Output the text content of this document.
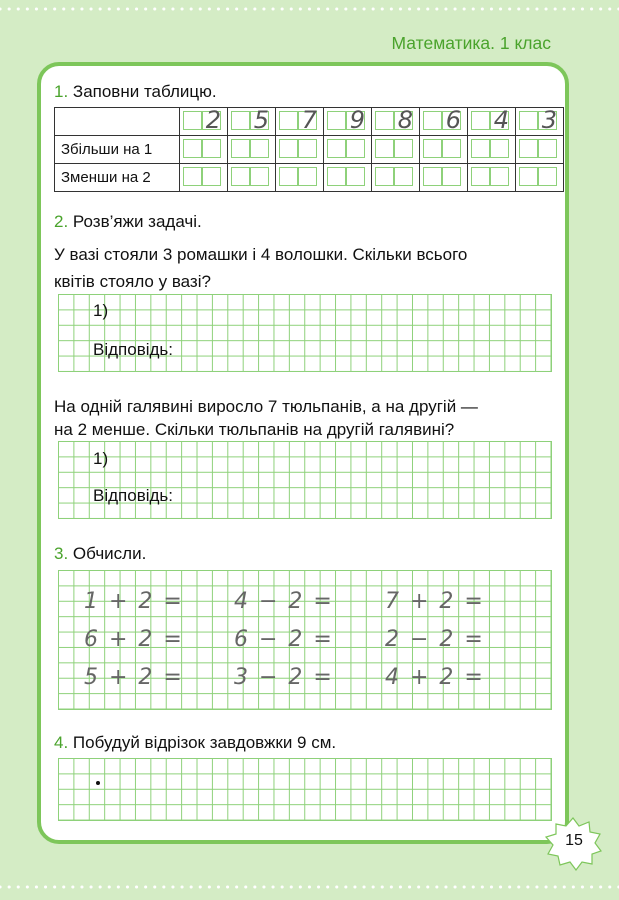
Математика. 1 клас
1. Заповни таблицю.

	2	5	7	9	8	6	4	3

Збільши на 1	

Зменши на 2	

2. Розв’яжи задачі.
У вазі стояли 3 ромашки і 4 волошки. Скільки всього
квітів стояло у вазі?
1)
Відповідь:
На одній галявині виросло 7 тюльпанів, а на другій —
на 2 менше. Скільки тюльпанів на другій галявині?
1)
Відповідь:
3. Обчисли.
1 + 2 = 4 − 2 = 7 + 2 =
6 + 2 = 6 − 2 = 2 − 2 =
5 + 2 = 3 − 2 = 4 + 2 =
4. Побудуй відрізок завдовжки 9 см.
15
